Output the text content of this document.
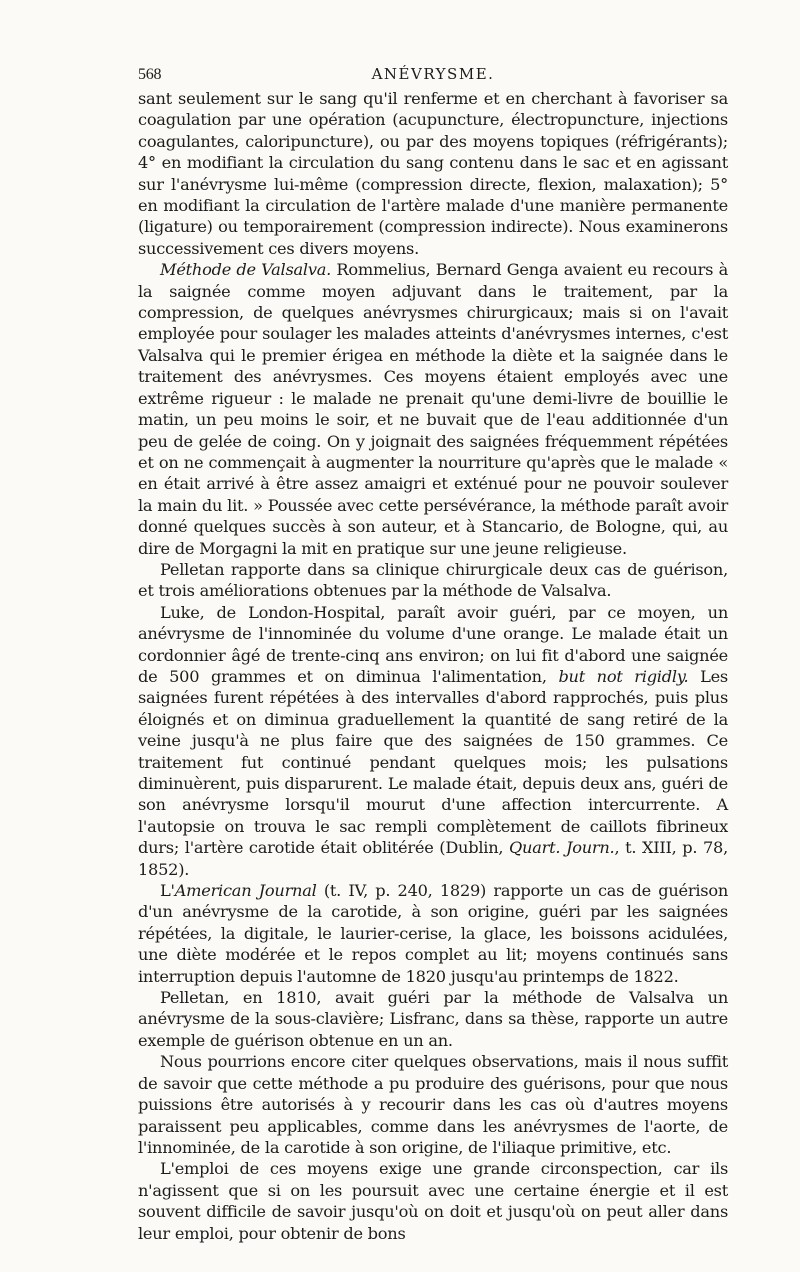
568	ANÉVRYSME.

sant seulement sur le sang qu'il renferme et en cherchant à favoriser sa coagulation par une opération (acupuncture, électropuncture, injections coagulantes, caloripuncture), ou par des moyens topiques (réfrigérants); 4° en modifiant la circulation du sang contenu dans le sac et en agissant sur l'anévrysme lui-même (compression directe, flexion, malaxation); 5° en modifiant la circulation de l'artère malade d'une manière permanente (ligature) ou temporairement (compression indirecte). Nous examinerons successivement ces divers moyens.

Méthode de Valsalva. Rommelius, Bernard Genga avaient eu recours à la saignée comme moyen adjuvant dans le traitement, par la compression, de quelques anévrysmes chirurgicaux; mais si on l'avait employée pour soulager les malades atteints d'anévrysmes internes, c'est Valsalva qui le premier érigea en méthode la diète et la saignée dans le traitement des anévrysmes. Ces moyens étaient employés avec une extrême rigueur : le malade ne prenait qu'une demi-livre de bouillie le matin, un peu moins le soir, et ne buvait que de l'eau additionnée d'un peu de gelée de coing. On y joignait des saignées fréquemment répétées et on ne commençait à augmenter la nourriture qu'après que le malade « en était arrivé à être assez amaigri et exténué pour ne pouvoir soulever la main du lit. » Poussée avec cette persévérance, la méthode paraît avoir donné quelques succès à son auteur, et à Stancario, de Bologne, qui, au dire de Morgagni la mit en pratique sur une jeune religieuse.

Pelletan rapporte dans sa clinique chirurgicale deux cas de guérison, et trois améliorations obtenues par la méthode de Valsalva.

Luke, de London-Hospital, paraît avoir guéri, par ce moyen, un anévrysme de l'innominée du volume d'une orange. Le malade était un cordonnier âgé de trente-cinq ans environ; on lui fit d'abord une saignée de 500 grammes et on diminua l'alimentation, but not rigidly. Les saignées furent répétées à des intervalles d'abord rapprochés, puis plus éloignés et on diminua graduellement la quantité de sang retiré de la veine jusqu'à ne plus faire que des saignées de 150 grammes. Ce traitement fut continué pendant quelques mois; les pulsations diminuèrent, puis disparurent. Le malade était, depuis deux ans, guéri de son anévrysme lorsqu'il mourut d'une affection intercurrente. A l'autopsie on trouva le sac rempli complètement de caillots fibrineux durs; l'artère carotide était oblitérée (Dublin, Quart. Journ., t. XIII, p. 78, 1852).

L'American Journal (t. IV, p. 240, 1829) rapporte un cas de guérison d'un anévrysme de la carotide, à son origine, guéri par les saignées répétées, la digitale, le laurier-cerise, la glace, les boissons acidulées, une diète modérée et le repos complet au lit; moyens continués sans interruption depuis l'automne de 1820 jusqu'au printemps de 1822.

Pelletan, en 1810, avait guéri par la méthode de Valsalva un anévrysme de la sous-clavière; Lisfranc, dans sa thèse, rapporte un autre exemple de guérison obtenue en un an.

Nous pourrions encore citer quelques observations, mais il nous suffit de savoir que cette méthode a pu produire des guérisons, pour que nous puissions être autorisés à y recourir dans les cas où d'autres moyens paraissent peu applicables, comme dans les anévrysmes de l'aorte, de l'innominée, de la carotide à son origine, de l'iliaque primitive, etc.

L'emploi de ces moyens exige une grande circonspection, car ils n'agissent que si on les poursuit avec une certaine énergie et il est souvent difficile de savoir jusqu'où on doit et jusqu'où on peut aller dans leur emploi, pour obtenir de bons
